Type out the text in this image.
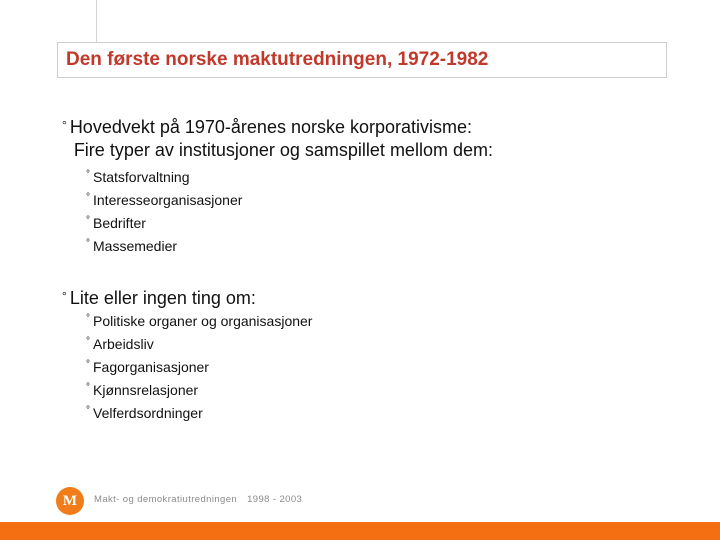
Den første norske maktutredningen, 1972-1982
° Hovedvekt på 1970-årenes norske korporativisme:
Fire typer av institusjoner og samspillet mellom dem:
° Statsforvaltning
° Interesseorganisasjoner
° Bedrifter
° Massemedier
° Lite eller ingen ting om:
° Politiske organer og organisasjoner
° Arbeidsliv
° Fagorganisasjoner
° Kjønnsrelasjoner
° Velferdsordninger
M Makt- og demokratiutredningen 1998 - 2003
